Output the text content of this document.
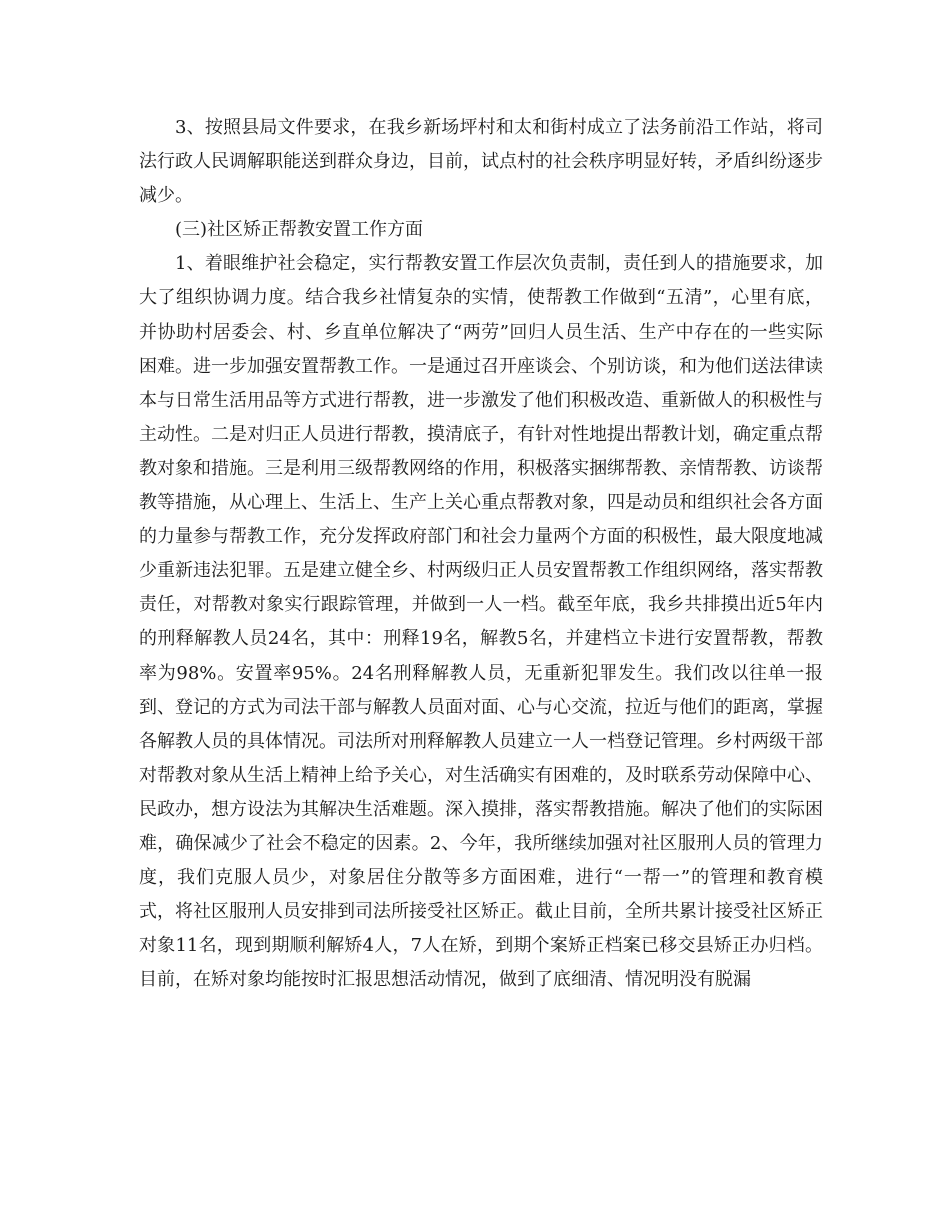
3、按照县局文件要求，在我乡新场坪村和太和街村成立了法务前沿工作站，将司法行政人民调解职能送到群众身边，目前，试点村的社会秩序明显好转，矛盾纠纷逐步减少。

(三)社区矫正帮教安置工作方面

1、着眼维护社会稳定，实行帮教安置工作层次负责制，责任到人的措施要求，加大了组织协调力度。结合我乡社情复杂的实情，使帮教工作做到“五清”，心里有底，并协助村居委会、村、乡直单位解决了“两劳”回归人员生活、生产中存在的一些实际困难。进一步加强安置帮教工作。一是通过召开座谈会、个别访谈，和为他们送法律读本与日常生活用品等方式进行帮教，进一步激发了他们积极改造、重新做人的积极性与主动性。二是对归正人员进行帮教，摸清底子，有针对性地提出帮教计划，确定重点帮教对象和措施。三是利用三级帮教网络的作用，积极落实捆绑帮教、亲情帮教、访谈帮教等措施，从心理上、生活上、生产上关心重点帮教对象，四是动员和组织社会各方面的力量参与帮教工作，充分发挥政府部门和社会力量两个方面的积极性，最大限度地减少重新违法犯罪。五是建立健全乡、村两级归正人员安置帮教工作组织网络，落实帮教责任，对帮教对象实行跟踪管理，并做到一人一档。截至年底，我乡共排摸出近5年内的刑释解教人员24名，其中：刑释19名，解教5名，并建档立卡进行安置帮教，帮教率为98%。安置率95%。24名刑释解教人员，无重新犯罪发生。我们改以往单一报到、登记的方式为司法干部与解教人员面对面、心与心交流，拉近与他们的距离，掌握各解教人员的具体情况。司法所对刑释解教人员建立一人一档登记管理。乡村两级干部对帮教对象从生活上精神上给予关心，对生活确实有困难的，及时联系劳动保障中心、民政办，想方设法为其解决生活难题。深入摸排，落实帮教措施。解决了他们的实际困难，确保减少了社会不稳定的因素。2、今年，我所继续加强对社区服刑人员的管理力度，我们克服人员少，对象居住分散等多方面困难，进行“一帮一”的管理和教育模式，将社区服刑人员安排到司法所接受社区矫正。截止目前，全所共累计接受社区矫正对象11名，现到期顺利解矫4人，7人在矫，到期个案矫正档案已移交县矫正办归档。目前，在矫对象均能按时汇报思想活动情况，做到了底细清、情况明没有脱漏
